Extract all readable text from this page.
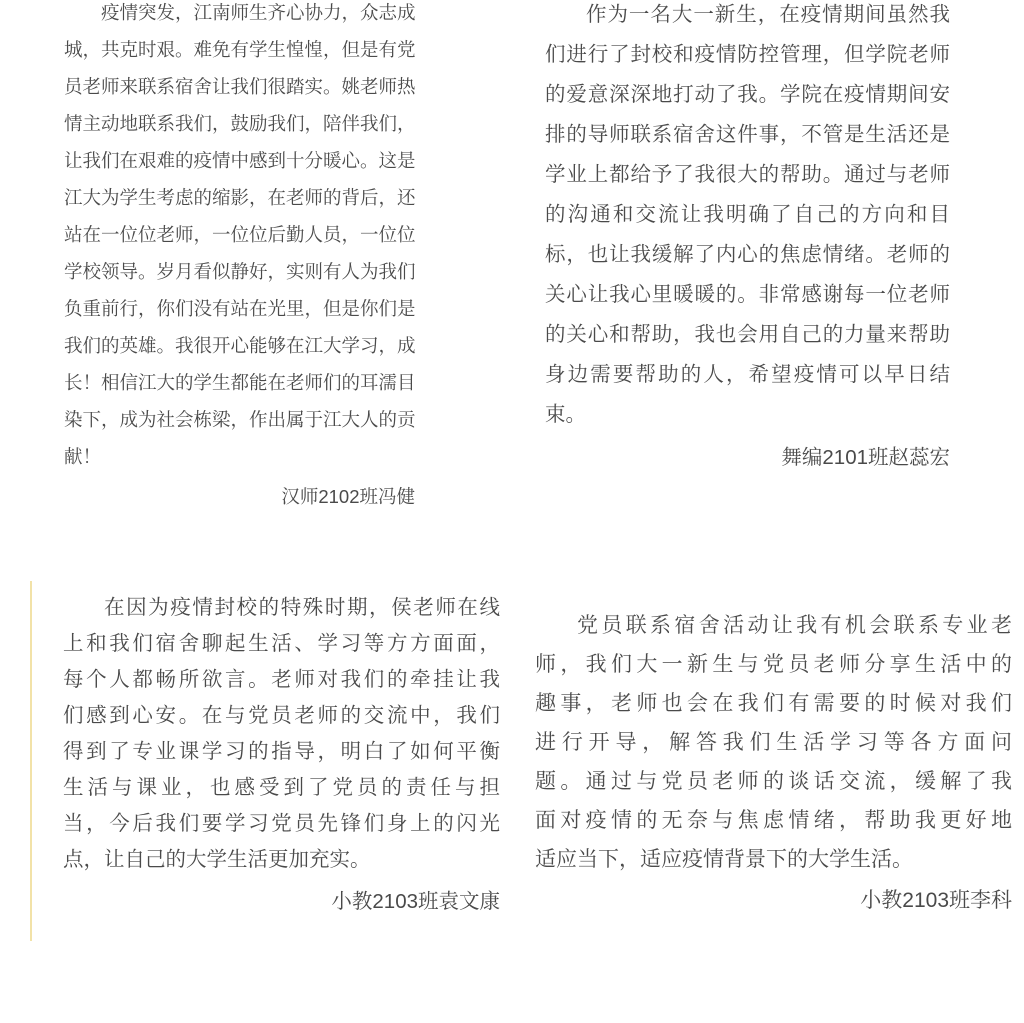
疫情突发，江南师生齐心协力，众志成
城，共克时艰。难免有学生惶惶，但是有党
员老师来联系宿舍让我们很踏实。姚老师热
情主动地联系我们，鼓励我们，陪伴我们，
让我们在艰难的疫情中感到十分暖心。这是
江大为学生考虑的缩影，在老师的背后，还
站在一位位老师，一位位后勤人员，一位位
学校领导。岁月看似静好，实则有人为我们
负重前行，你们没有站在光里，但是你们是
我们的英雄。我很开心能够在江大学习，成
长！相信江大的学生都能在老师们的耳濡目
染下，成为社会栋梁，作出属于江大人的贡
献！
汉师2102班冯健
作为一名大一新生，在疫情期间虽然我
们进行了封校和疫情防控管理，但学院老师
的爱意深深地打动了我。学院在疫情期间安
排的导师联系宿舍这件事，不管是生活还是
学业上都给予了我很大的帮助。通过与老师
的沟通和交流让我明确了自己的方向和目
标，也让我缓解了内心的焦虑情绪。老师的
关心让我心里暖暖的。非常感谢每一位老师
的关心和帮助，我也会用自己的力量来帮助
身边需要帮助的人，希望疫情可以早日结
束。
舞编2101班赵蕊宏
在因为疫情封校的特殊时期，侯老师在线
上和我们宿舍聊起生活、学习等方方面面，
每个人都畅所欲言。老师对我们的牵挂让我
们感到心安。在与党员老师的交流中，我们
得到了专业课学习的指导，明白了如何平衡
生活与课业，也感受到了党员的责任与担
当，今后我们要学习党员先锋们身上的闪光
点，让自己的大学生活更加充实。
小教2103班袁文康
党员联系宿舍活动让我有机会联系专业老
师，我们大一新生与党员老师分享生活中的
趣事，老师也会在我们有需要的时候对我们
进行开导，解答我们生活学习等各方面问
题。通过与党员老师的谈话交流，缓解了我
面对疫情的无奈与焦虑情绪，帮助我更好地
适应当下，适应疫情背景下的大学生活。
小教2103班李科
